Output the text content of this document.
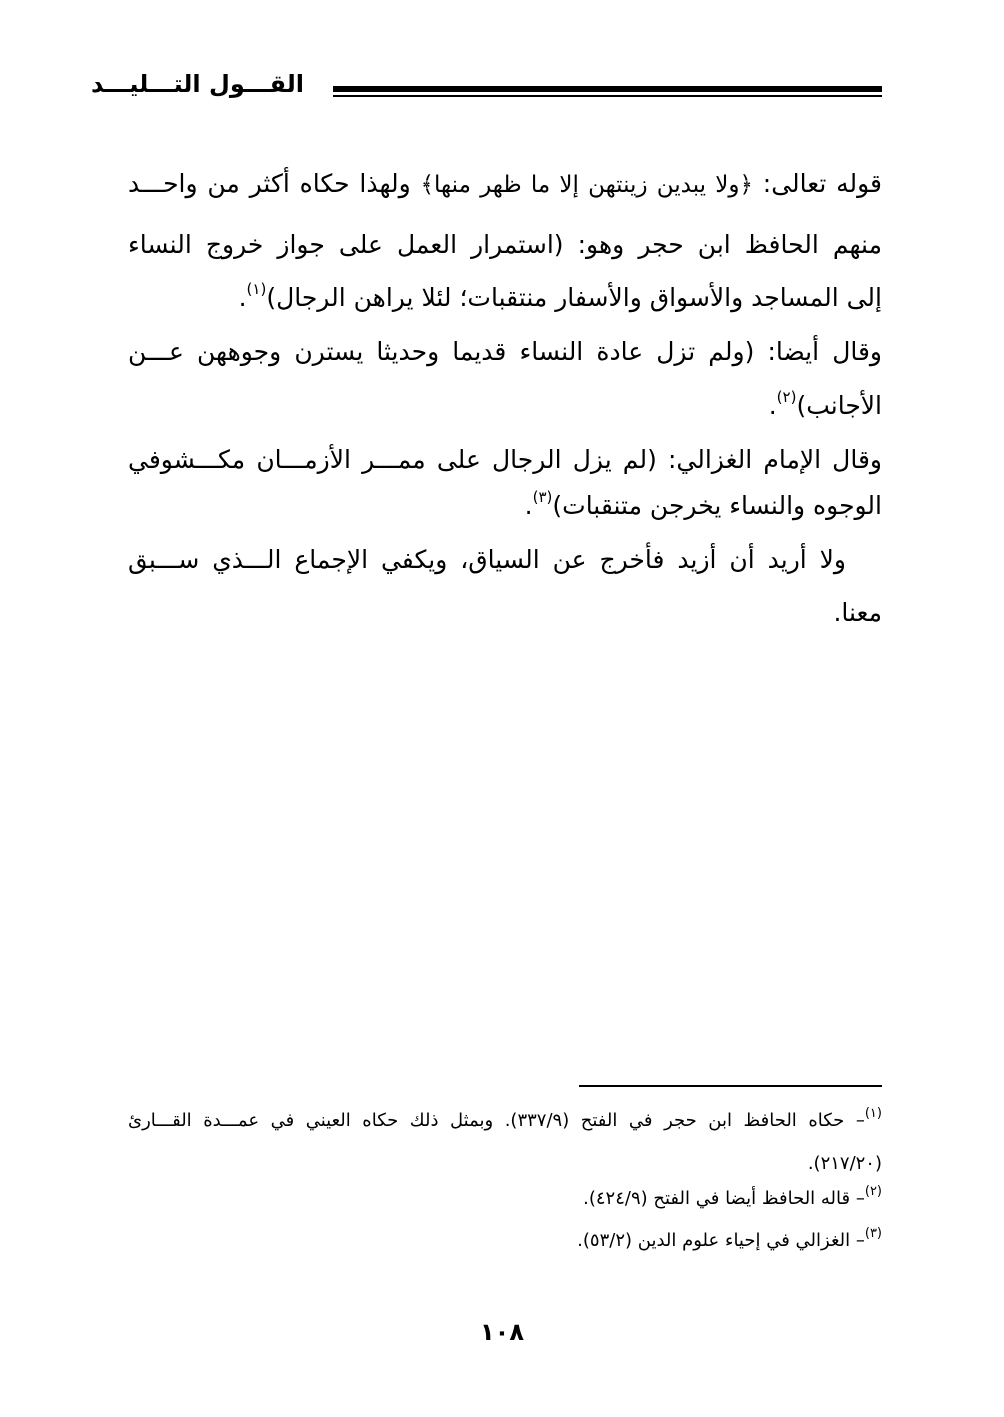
القـــول التـــليـــد
قوله تعالى: ﴿ولا يبدين زينتهن إلا ما ظهر منها﴾ ولهذا حكاه أكثر من واحـــد
منهم الحافظ ابن حجر وهو: (استمرار العمل على جواز خروج النساء
إلى المساجد والأسواق والأسفار منتقبات؛ لئلا يراهن الرجال)$^{(١)}$.
وقال أيضا: (ولم تزل عادة النساء قديما وحديثا يسترن وجوههن عـــن
الأجانب)$^{(٢)}$.
وقال الإمام الغزالي: (لم يزل الرجال على ممـــر الأزمـــان مكـــشوفي
الوجوه والنساء يخرجن متنقبات)$^{(٣)}$.
ولا أريد أن أزيد فأخرج عن السياق، ويكفي الإجماع الـــذي ســـبق
معنا.
$^{(١)}$– حكاه الحافظ ابن حجر في الفتح (٣٣٧/٩). وبمثل ذلك حكاه العيني في عمـــدة القـــارئ
(٢١٧/٢٠).
$^{(٢)}$– قاله الحافظ أيضا في الفتح (٤٢٤/٩).
$^{(٣)}$– الغزالي في إحياء علوم الدين (٥٣/٢).
١٠٨
